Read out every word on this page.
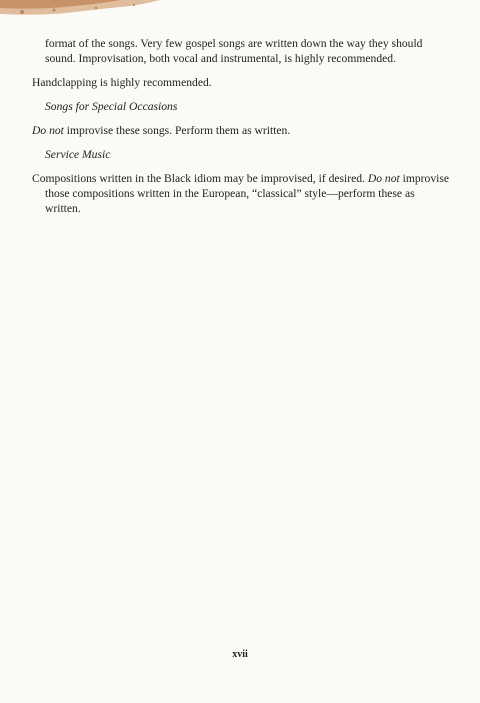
format of the songs. Very few gospel songs are written down the way they should sound. Improvisation, both vocal and instrumental, is highly recommended.

Handclapping is highly recommended.

Songs for Special Occasions

Do not improvise these songs. Perform them as written.

Service Music

Compositions written in the Black idiom may be improvised, if desired. Do not improvise those compositions written in the European, “classical” style—perform these as written.

xvii
